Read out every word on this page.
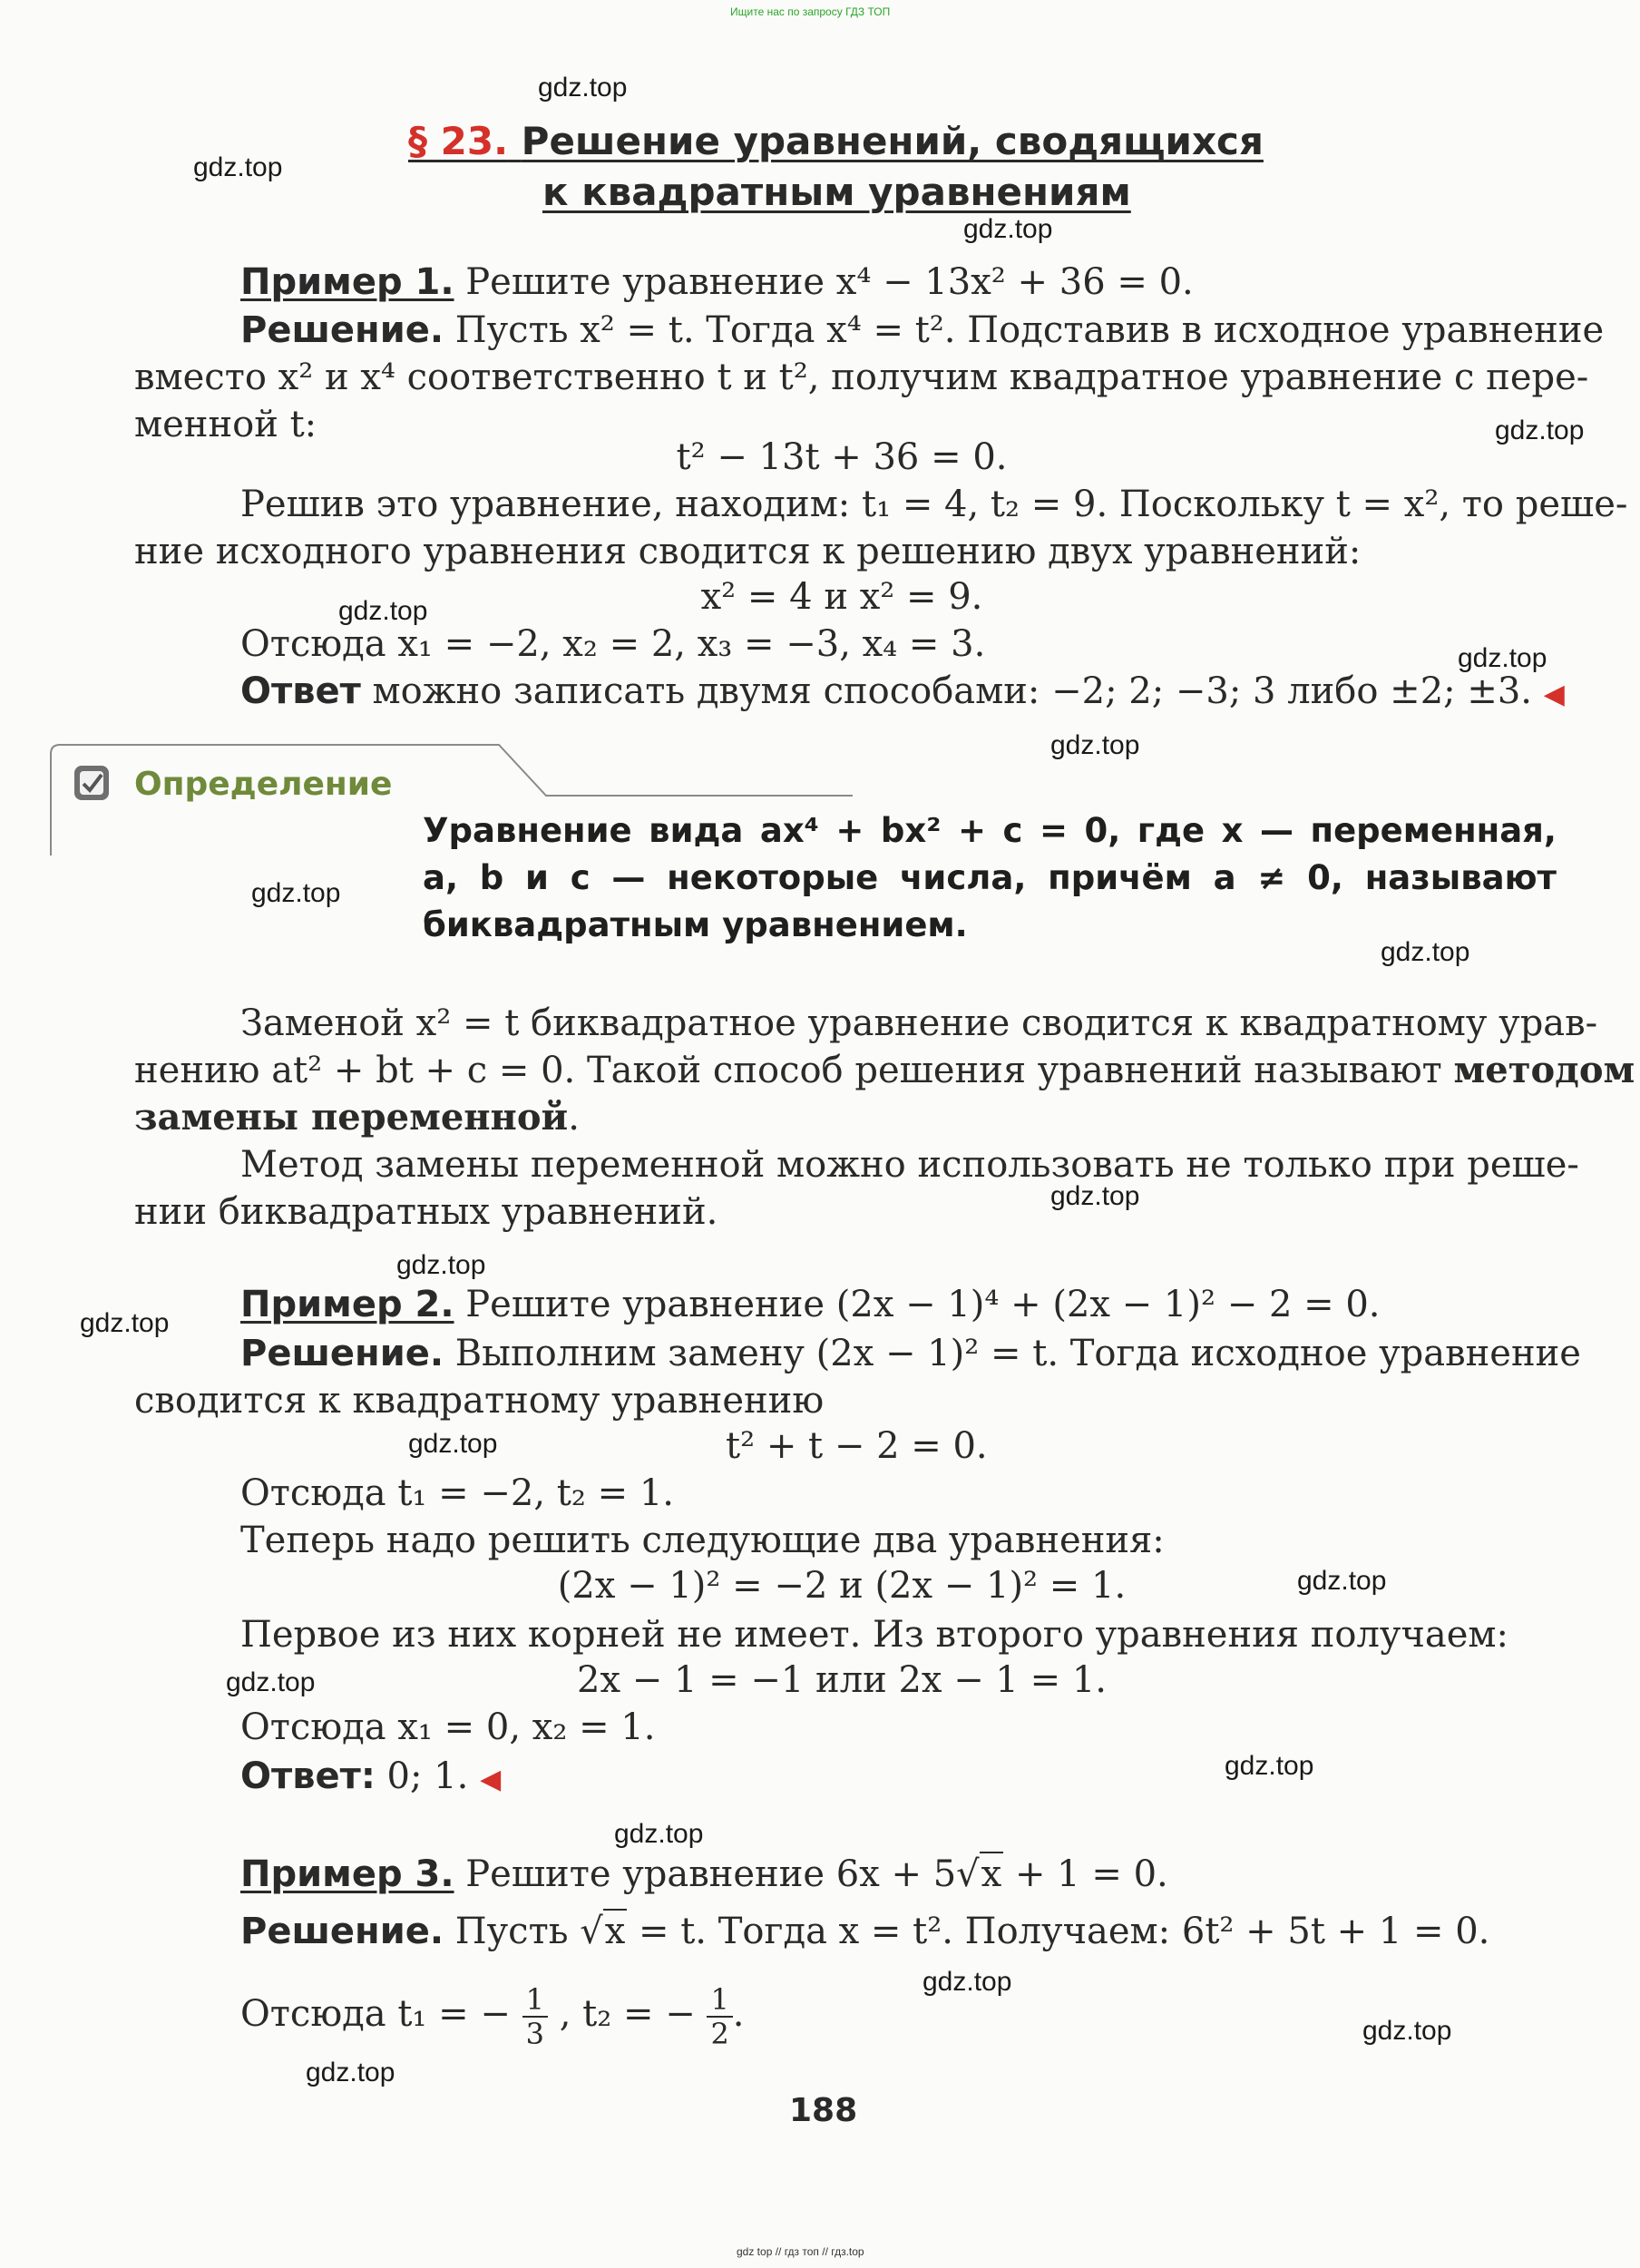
Ищите нас по запросу ГДЗ ТОП
gdz top // гдз топ // гдз.top
§ 23. Решение уравнений, сводящихся
к квадратным уравнениям
Пример 1. Решите уравнение x⁴ − 13x² + 36 = 0.
Решение. Пусть x² = t. Тогда x⁴ = t². Подставив в исходное уравнение
вместо x² и x⁴ соответственно t и t², получим квадратное уравнение с пере-
менной t:
t² − 13t + 36 = 0.
Решив это уравнение, находим: t₁ = 4, t₂ = 9. Поскольку t = x², то реше-
ние исходного уравнения сводится к решению двух уравнений:
x² = 4 и x² = 9.
Отсюда x₁ = −2, x₂ = 2, x₃ = −3, x₄ = 3.
Ответ можно записать двумя способами: −2; 2; −3; 3 либо ±2; ±3. ◀
Определение
Уравнение вида ax⁴ + bx² + c = 0, где x — переменная,
a, b и c — некоторые числа, причём a ≠ 0, называют
биквадратным уравнением.
Заменой x² = t биквадратное уравнение сводится к квадратному урав-
нению at² + bt + c = 0. Такой способ решения уравнений называют методом
замены переменной.
Метод замены переменной можно использовать не только при реше-
нии биквадратных уравнений.
Пример 2. Решите уравнение (2x − 1)⁴ + (2x − 1)² − 2 = 0.
Решение. Выполним замену (2x − 1)² = t. Тогда исходное уравнение
сводится к квадратному уравнению
t² + t − 2 = 0.
Отсюда t₁ = −2, t₂ = 1.
Теперь надо решить следующие два уравнения:
(2x − 1)² = −2 и (2x − 1)² = 1.
Первое из них корней не имеет. Из второго уравнения получаем:
2x − 1 = −1 или 2x − 1 = 1.
Отсюда x₁ = 0, x₂ = 1.
Ответ: 0; 1. ◀
Пример 3. Решите уравнение 6x + 5√x + 1 = 0.
Решение. Пусть √x = t. Тогда x = t². Получаем: 6t² + 5t + 1 = 0.
Отсюда t₁ = − $\frac{1}{3}$ , t₂ = − $\frac{1}{2}$ .
188
gdz.top
gdz.top
gdz.top
gdz.top
gdz.top
gdz.top
gdz.top
gdz.top
gdz.top
gdz.top
gdz.top
gdz.top
gdz.top
gdz.top
gdz.top
gdz.top
gdz.top
gdz.top
gdz.top
gdz.top
